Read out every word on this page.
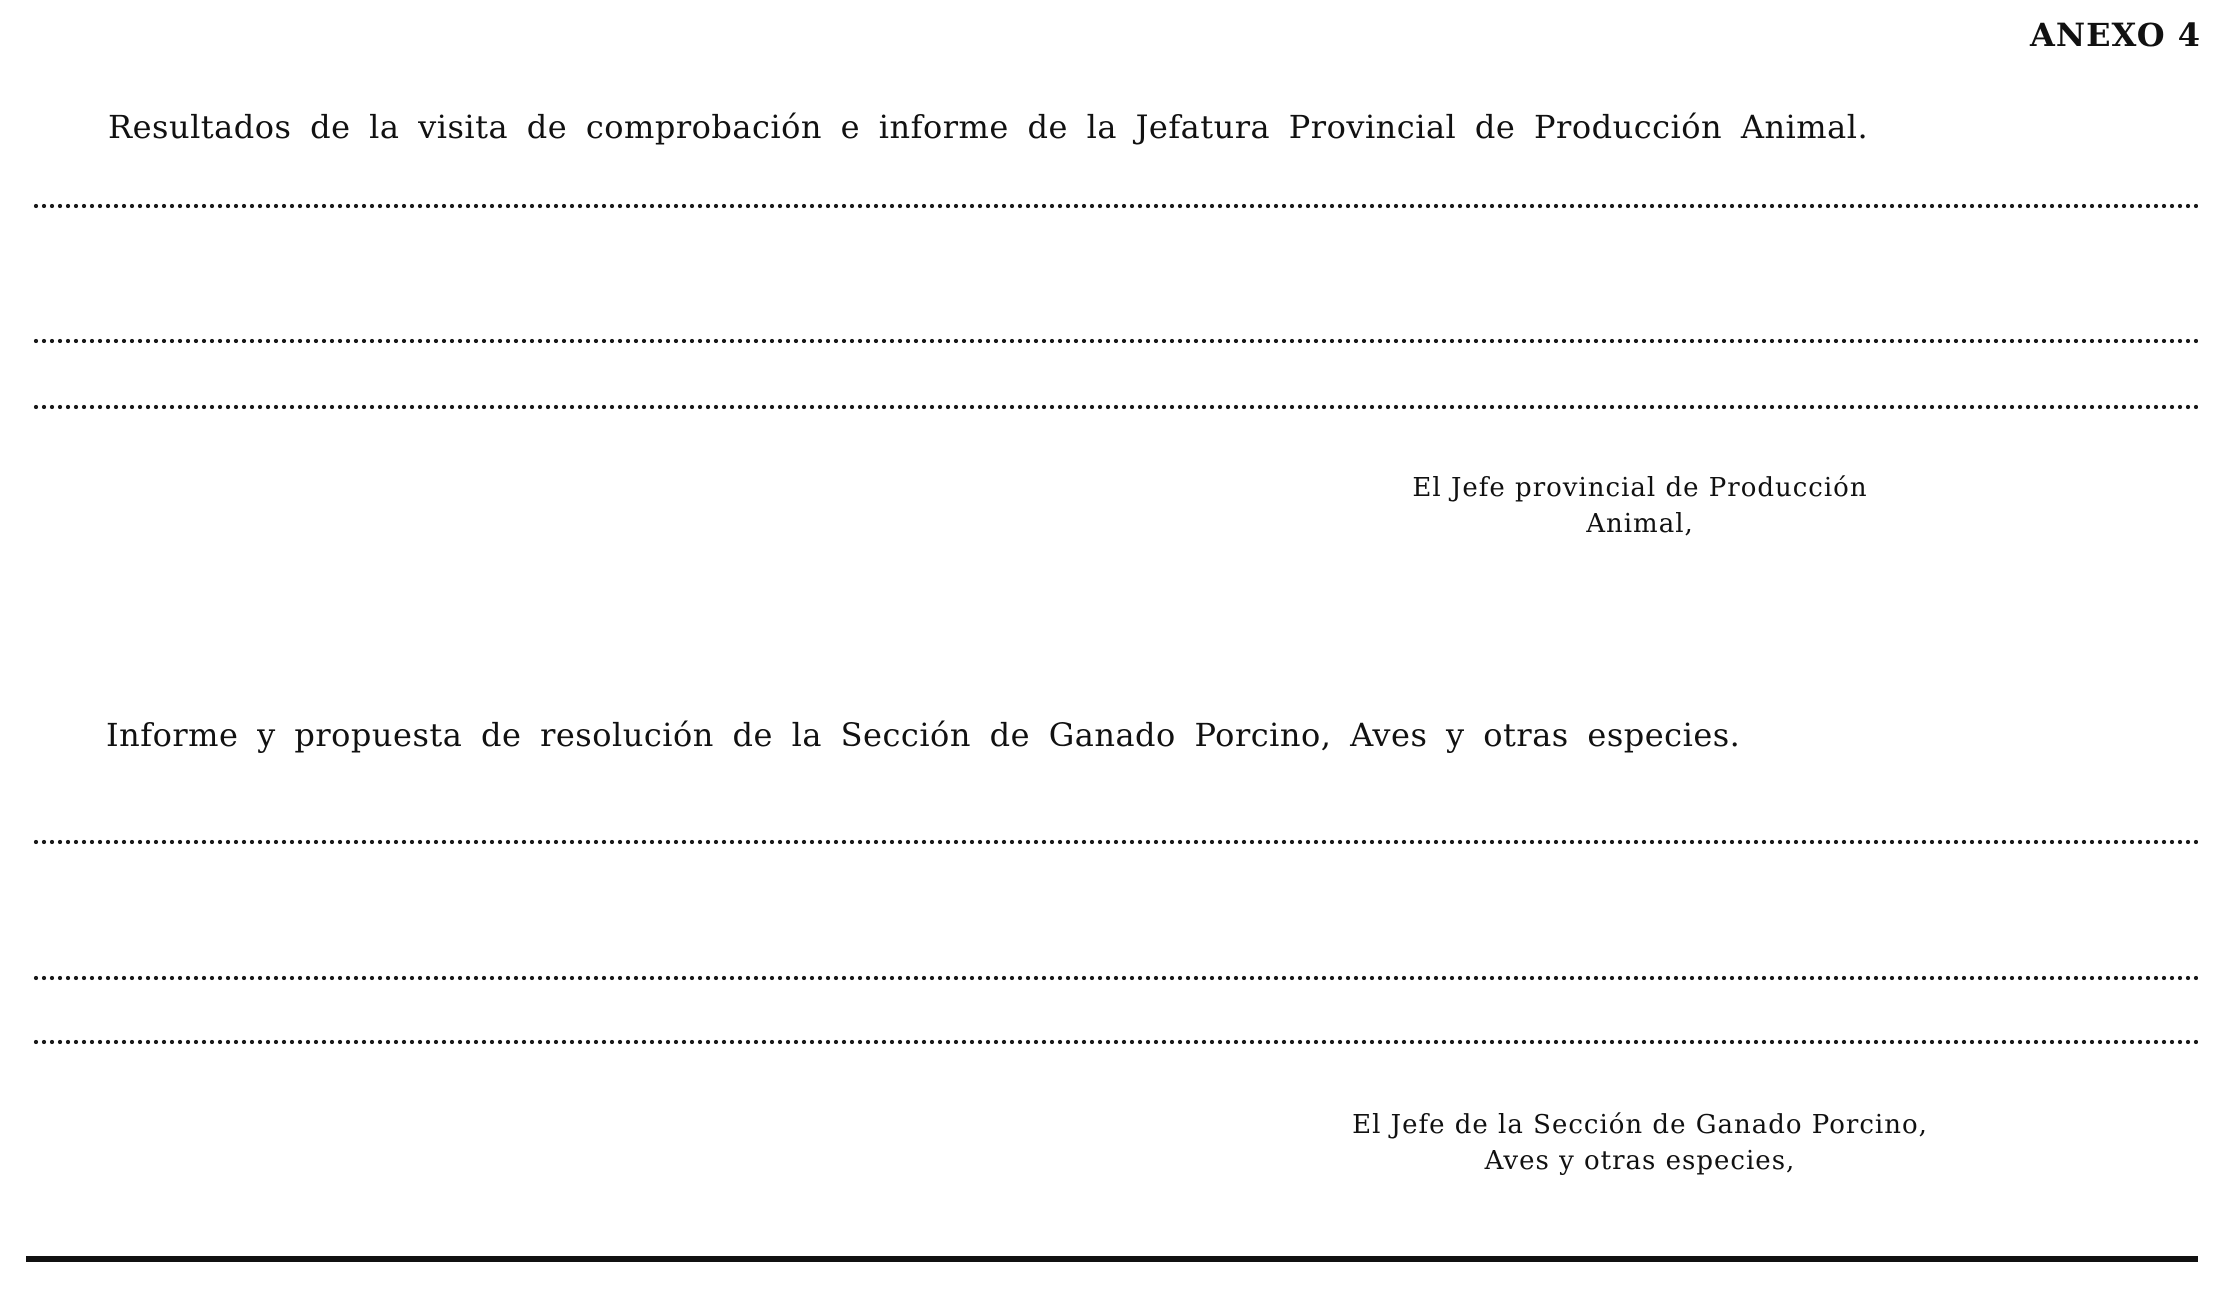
ANEXO 4
Resultados de la visita de comprobación e informe de la Jefatura Provincial de Producción Animal.
El Jefe provincial de Producción
Animal,
Informe y propuesta de resolución de la Sección de Ganado Porcino, Aves y otras especies.
El Jefe de la Sección de Ganado Porcino,
Aves y otras especies,
